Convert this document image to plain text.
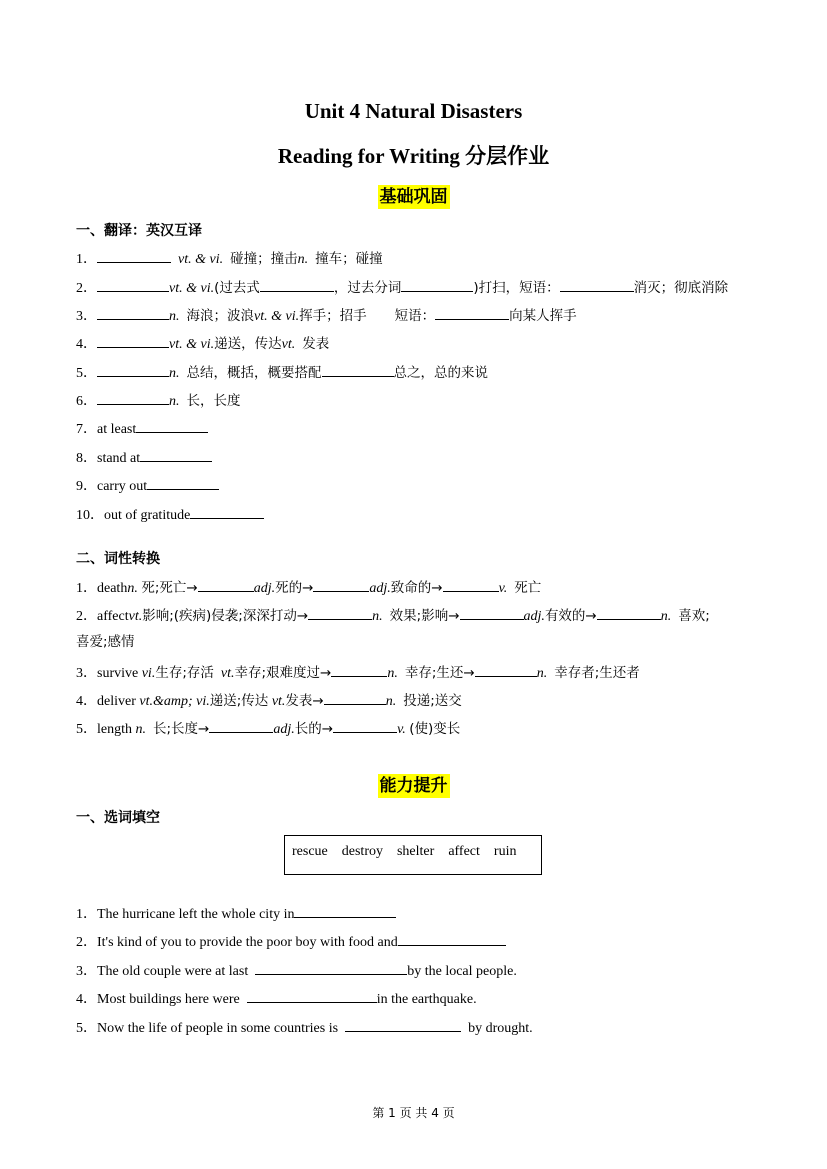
Unit 4 Natural Disasters
Reading for Writing 分层作业
基础巩固
一、翻译：英汉互译
1．	vt. & vi. 碰撞；撞击n. 撞车；碰撞
2．	vt. & vi.(过去式	，过去分词	)打扫，短语：	消灭；彻底消除
3．	n. 海浪；波浪vt. & vi.挥手；招手 短语：	向某人挥手
4．	vt. & vi.递送，传达vt. 发表
5．	n. 总结，概括，概要搭配	总之，总的来说
6．	n. 长，长度
7．at least
8．stand at
9．carry out
10．out of gratitude
二、词性转换
1．deathn. 死;死亡→	adj.死的→	adj.致命的→	v. 死亡
2．affectvt.影响;(疾病)侵袭;深深打动→	n. 效果;影响→	adj.有效的→	n. 喜欢;
喜爱;感情
3．survive vi.生存;存活 vt.幸存;艰难度过→	n. 幸存;生还→	n. 幸存者;生还者
4．deliver vt.&amp; vi.递送;传达 vt.发表→	n. 投递;送交
5．length n. 长;长度→	adj.长的→	v. (使)变长
能力提升
一、选词填空
rescue destroy shelter affect ruin
1．The hurricane left the whole city in
2．It's kind of you to provide the poor boy with food and
3．The old couple were at last	by the local people.
4．Most buildings here were	in the earthquake.
5．Now the life of people in some countries is	by drought.
第 1 页 共 4 页
